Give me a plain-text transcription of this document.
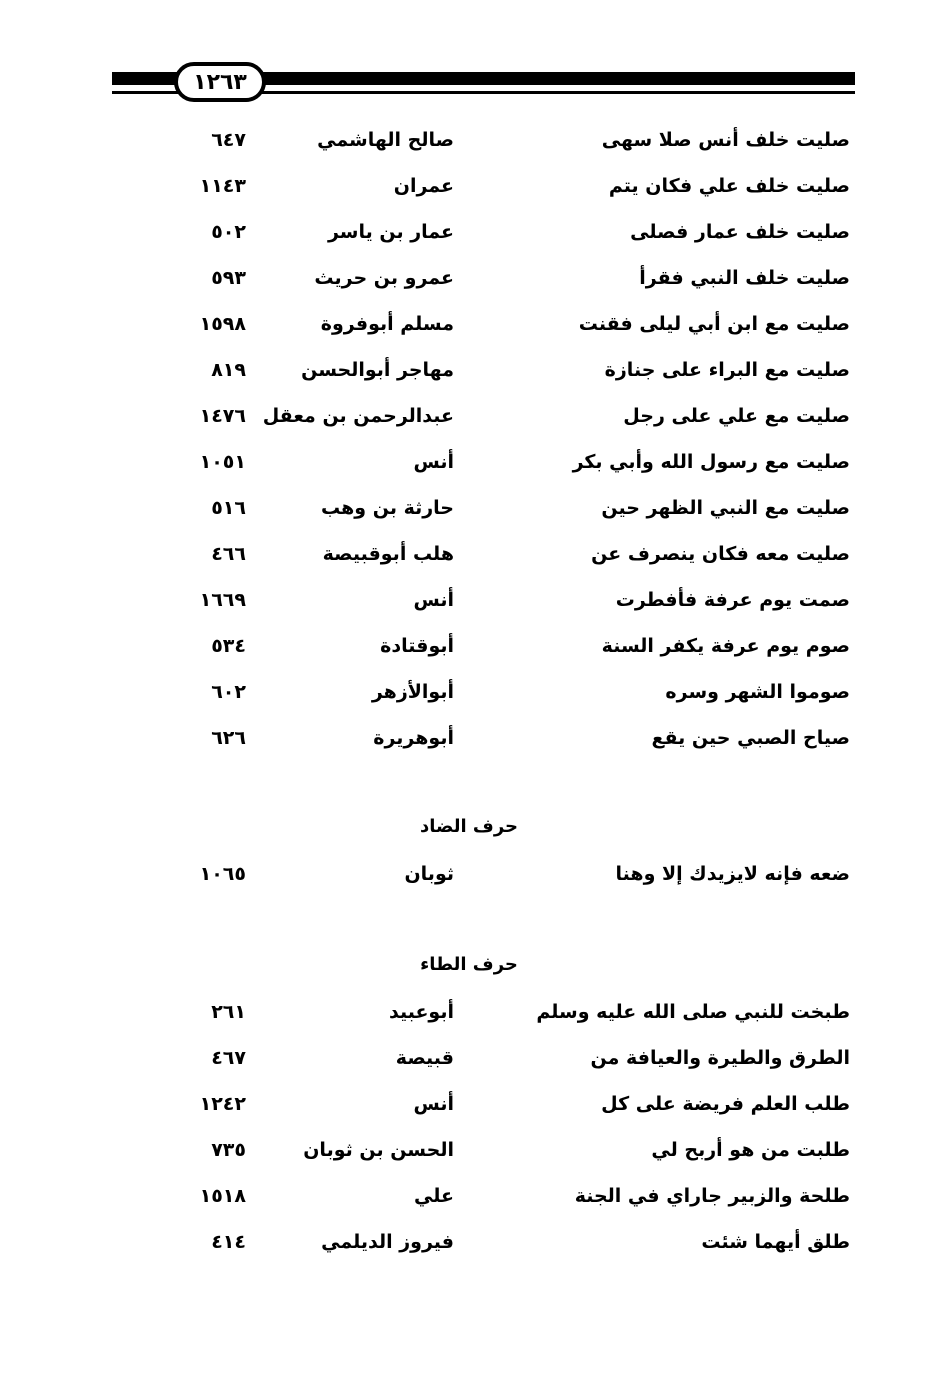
١٢٦٣
صليت خلف أنس صلا سهى
صالح الهاشمي
٦٤٧
صليت خلف علي فكان يتم
عمران
١١٤٣
صليت خلف عمار فصلى
عمار بن ياسر
٥٠٢
صليت خلف النبي فقرأ
عمرو بن حريث
٥٩٣
صليت مع ابن أبي ليلى فقنت
مسلم أبوفروة
١٥٩٨
صليت مع البراء على جنازة
مهاجر أبوالحسن
٨١٩
صليت مع علي على رجل
عبدالرحمن بن معقل
١٤٧٦
صليت مع رسول الله وأبي بكر
أنس
١٠٥١
صليت مع النبي الظهر حين
حارثة بن وهب
٥١٦
صليت معه فكان ينصرف عن
هلب أبوقبيصة
٤٦٦
صمت يوم عرفة فأفطرت
أنس
١٦٦٩
صوم يوم عرفة يكفر السنة
أبوقتادة
٥٣٤
صوموا الشهر وسره
أبوالأزهر
٦٠٢
صياح الصبي حين يقع
أبوهريرة
٦٢٦
حرف الضاد
ضعه فإنه لايزيدك إلا وهنا
ثوبان
١٠٦٥
حرف الطاء
طبخت للنبي صلى الله عليه وسلم
أبوعبيد
٢٦١
الطرق والطيرة والعيافة من
قبيصة
٤٦٧
طلب العلم فريضة على كل
أنس
١٢٤٢
طلبت من هو أربح لي
الحسن بن ثوبان
٧٣٥
طلحة والزبير جاراي في الجنة
علي
١٥١٨
طلق أيهما شئت
فيروز الديلمي
٤١٤
